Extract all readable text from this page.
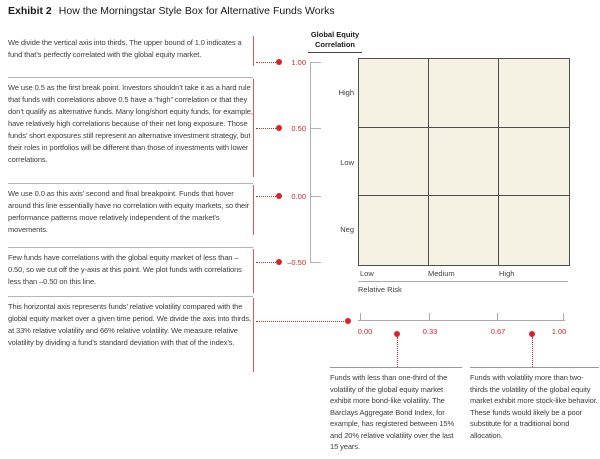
Exhibit 2 How the Morningstar Style Box for Alternative Funds Works

We divide the vertical axis into thirds. The upper bound of 1.0 indicates a fund that’s perfectly correlated with the global equity market.

We use 0.5 as the first break point. Investors shouldn’t take it as a hard rule that funds with correlations above 0.5 have a “high” correlation or that they don’t qualify as alternative funds. Many long/short equity funds, for example, have relatively high correlations because of their net long exposure. Those funds’ short exposures still represent an alternative investment strategy, but their roles in portfolios will be different than those of investments with lower correlations.

We use 0.0 as this axis’ second and final breakpoint. Funds that hover around this line essentially have no correlation with equity markets, so their performance patterns move relatively independent of the market’s movements.

Few funds have correlations with the global equity market of less than –0.50, so we cut off the y-axis at this point. We plot funds with correlations less than –0.50 on this line.

This horizontal axis represents funds’ relative volatility compared with the global equity market over a given time period. We divide the axis into thirds, at 33% relative volatility and 66% relative volatility. We measure relative volatility by dividing a fund’s standard deviation with that of the index’s.

1.00
0.50
0.00
–0.50
Global Equity
Correlation
High
Low
Neg
Low	Medium	High
Relative Risk
0.00	0.33	0.67	1.00

Funds with less than one-third of the volatility of the global equity market exhibit more bond-like volatility. The Barclays Aggregate Bond Index, for example, has registered between 15% and 20% relative volatility over the last 15 years.

Funds with volatility more than two-thirds the volatility of the global equity market exhibit more stock-like behavior. These funds would likely be a poor substitute for a traditional bond allocation.
